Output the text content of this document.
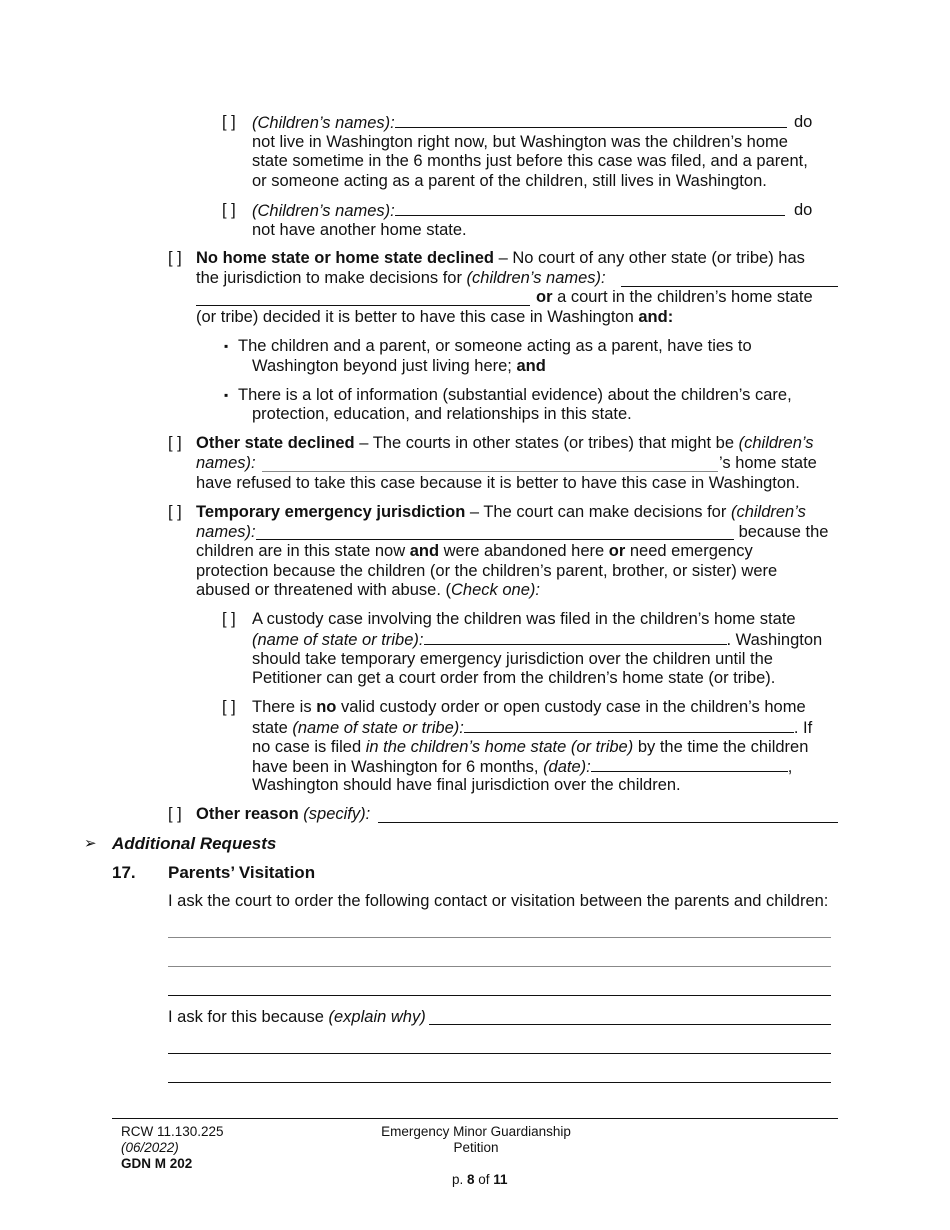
[ ] (Children’s names):	do
not live in Washington right now, but Washington was the children’s home
state sometime in the 6 months just before this case was filed, and a parent,
or someone acting as a parent of the children, still lives in Washington.
[ ] (Children’s names):	do
not have another home state.
[ ] No home state or home state declined – No court of any other state (or tribe) has
the jurisdiction to make decisions for (children’s names):
or a court in the children’s home state
(or tribe) decided it is better to have this case in Washington and:
▪ The children and a parent, or someone acting as a parent, have ties to
Washington beyond just living here; and
▪ There is a lot of information (substantial evidence) about the children’s care,
protection, education, and relationships in this state.
[ ] Other state declined – The courts in other states (or tribes) that might be (children’s
names):	’s home state
have refused to take this case because it is better to have this case in Washington.
[ ] Temporary emergency jurisdiction – The court can make decisions for (children’s
names):	because the
children are in this state now and were abandoned here or need emergency
protection because the children (or the children’s parent, brother, or sister) were
abused or threatened with abuse. (Check one):
[ ] A custody case involving the children was filed in the children’s home state
(name of state or tribe):	. Washington
should take temporary emergency jurisdiction over the children until the
Petitioner can get a court order from the children’s home state (or tribe).
[ ] There is no valid custody order or open custody case in the children’s home
state (name of state or tribe):	. If
no case is filed in the children’s home state (or tribe) by the time the children
have been in Washington for 6 months, (date):	,
Washington should have final jurisdiction over the children.
[ ] Other reason (specify):
➢ Additional Requests
17. Parents’ Visitation
I ask the court to order the following contact or visitation between the parents and children:
I ask for this because (explain why)
RCW 11.130.225
(06/2022)
GDN M 202
Emergency Minor Guardianship
Petition

p. 8 of 11
